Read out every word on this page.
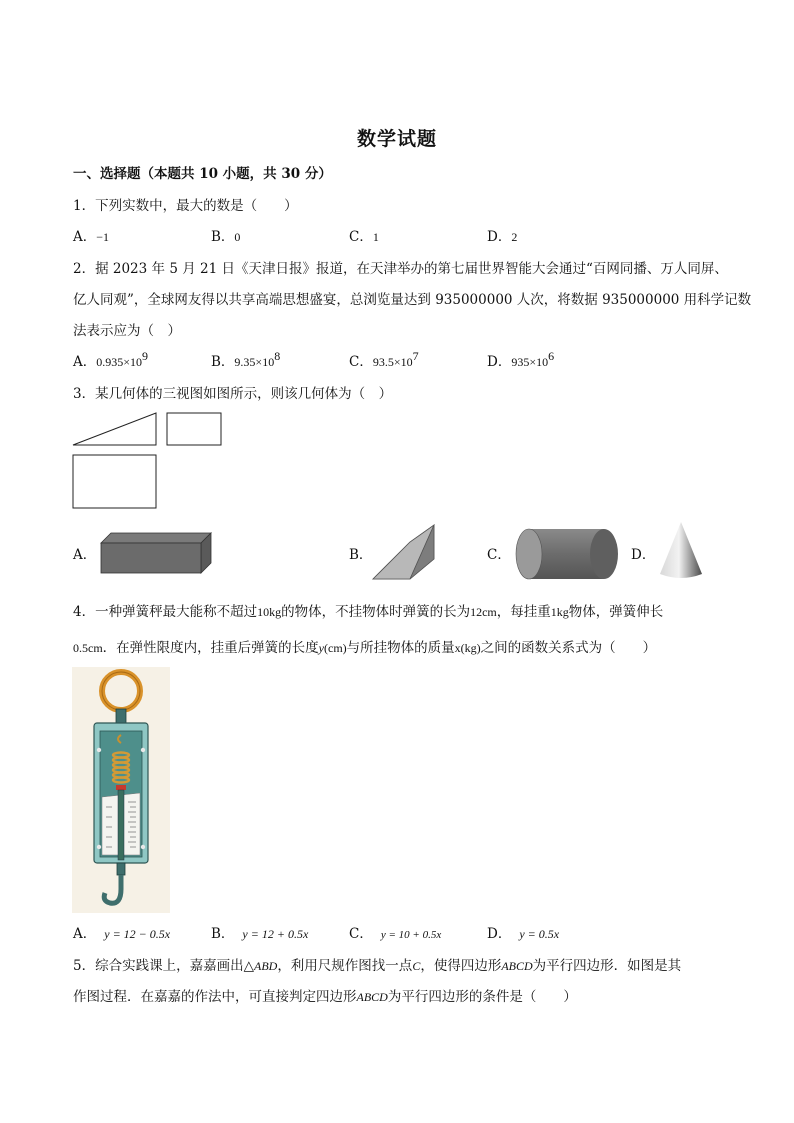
数学试题
一、选择题（本题共 10 小题，共 30 分）
1．下列实数中，最大的数是（　　）
A．−1	B．0	C．1	D．2
2．据 2023 年 5 月 21 日《天津日报》报道，在天津举办的第七届世界智能大会通过“百网同播、万人同屏、
亿人同观”，全球网友得以共享高端思想盛宴，总浏览量达到 935000000 人次，将数据 935000000 用科学记数
法表示应为（　）
A．$0.935\times 10^9$	B．$9.35\times 10^8$	C．$93.5\times 10^7$	D．$935\times 10^6$
3．某几何体的三视图如图所示，则该几何体为（　）
A．	B．	C．	D．
4．一种弹簧秤最大能称不超过10kg的物体，不挂物体时弹簧的长为12cm，每挂重1kg物体，弹簧伸长
0.5cm．在弹性限度内，挂重后弹簧的长度y(cm)与所挂物体的质量x(kg)之间的函数关系式为（　　）
A． y = 12 − 0.5x	B． y = 12 + 0.5x	C． y = 10 + 0.5x	D． y = 0.5x
5．综合实践课上，嘉嘉画出△ABD，利用尺规作图找一点C，使得四边形ABCD为平行四边形．如图是其
作图过程．在嘉嘉的作法中，可直接判定四边形ABCD为平行四边形的条件是（　　）
